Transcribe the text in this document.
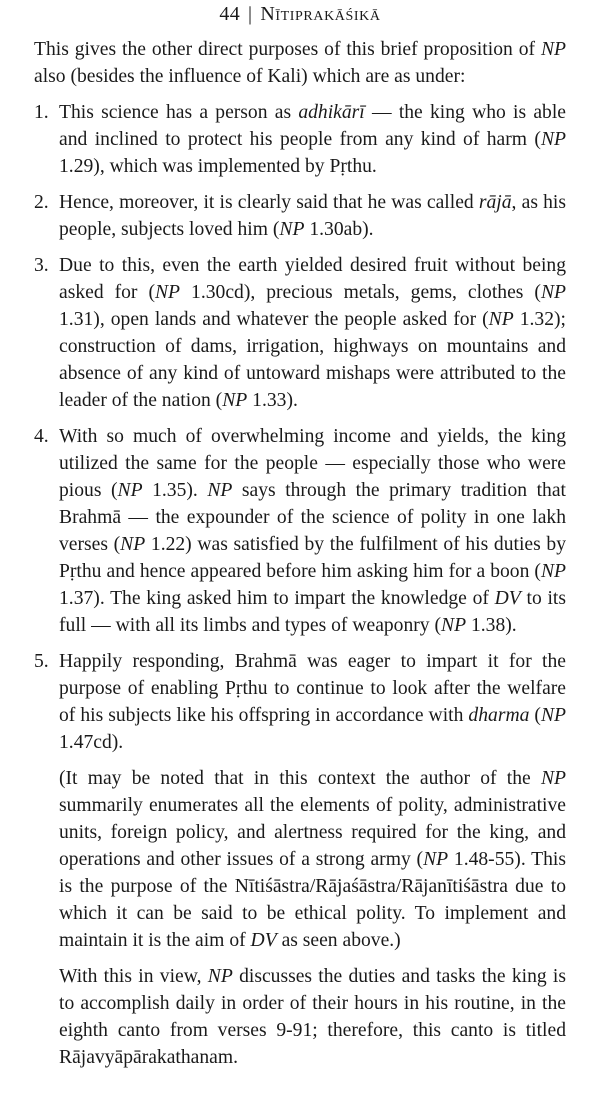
44 | Nītiprakāśikā

This gives the other direct purposes of this brief proposition of NP also (besides the influence of Kali) which are as under:

1. This science has a person as adhikārī — the king who is able and inclined to protect his people from any kind of harm (NP 1.29), which was implemented by Pṛthu.
2. Hence, moreover, it is clearly said that he was called rājā, as his people, subjects loved him (NP 1.30ab).
3. Due to this, even the earth yielded desired fruit without being asked for (NP 1.30cd), precious metals, gems, clothes (NP 1.31), open lands and whatever the people asked for (NP 1.32); construction of dams, irrigation, highways on mountains and absence of any kind of untoward mishaps were attributed to the leader of the nation (NP 1.33).
4. With so much of overwhelming income and yields, the king utilized the same for the people — especially those who were pious (NP 1.35). NP says through the primary tradition that Brahmā — the expounder of the science of polity in one lakh verses (NP 1.22) was satisfied by the fulfilment of his duties by Pṛthu and hence appeared before him asking him for a boon (NP 1.37). The king asked him to impart the knowledge of DV to its full — with all its limbs and types of weaponry (NP 1.38).
5. Happily responding, Brahmā was eager to impart it for the purpose of enabling Pṛthu to continue to look after the welfare of his subjects like his offspring in accordance with dharma (NP 1.47cd).

(It may be noted that in this context the author of the NP summarily enumerates all the elements of polity, administrative units, foreign policy, and alertness required for the king, and operations and other issues of a strong army (NP 1.48-55). This is the purpose of the Nītiśāstra/Rājaśāstra/Rājanītiśāstra due to which it can be said to be ethical polity. To implement and maintain it is the aim of DV as seen above.)

With this in view, NP discusses the duties and tasks the king is to accomplish daily in order of their hours in his routine, in the eighth canto from verses 9-91; therefore, this canto is titled Rājavyāpārakathanam.
